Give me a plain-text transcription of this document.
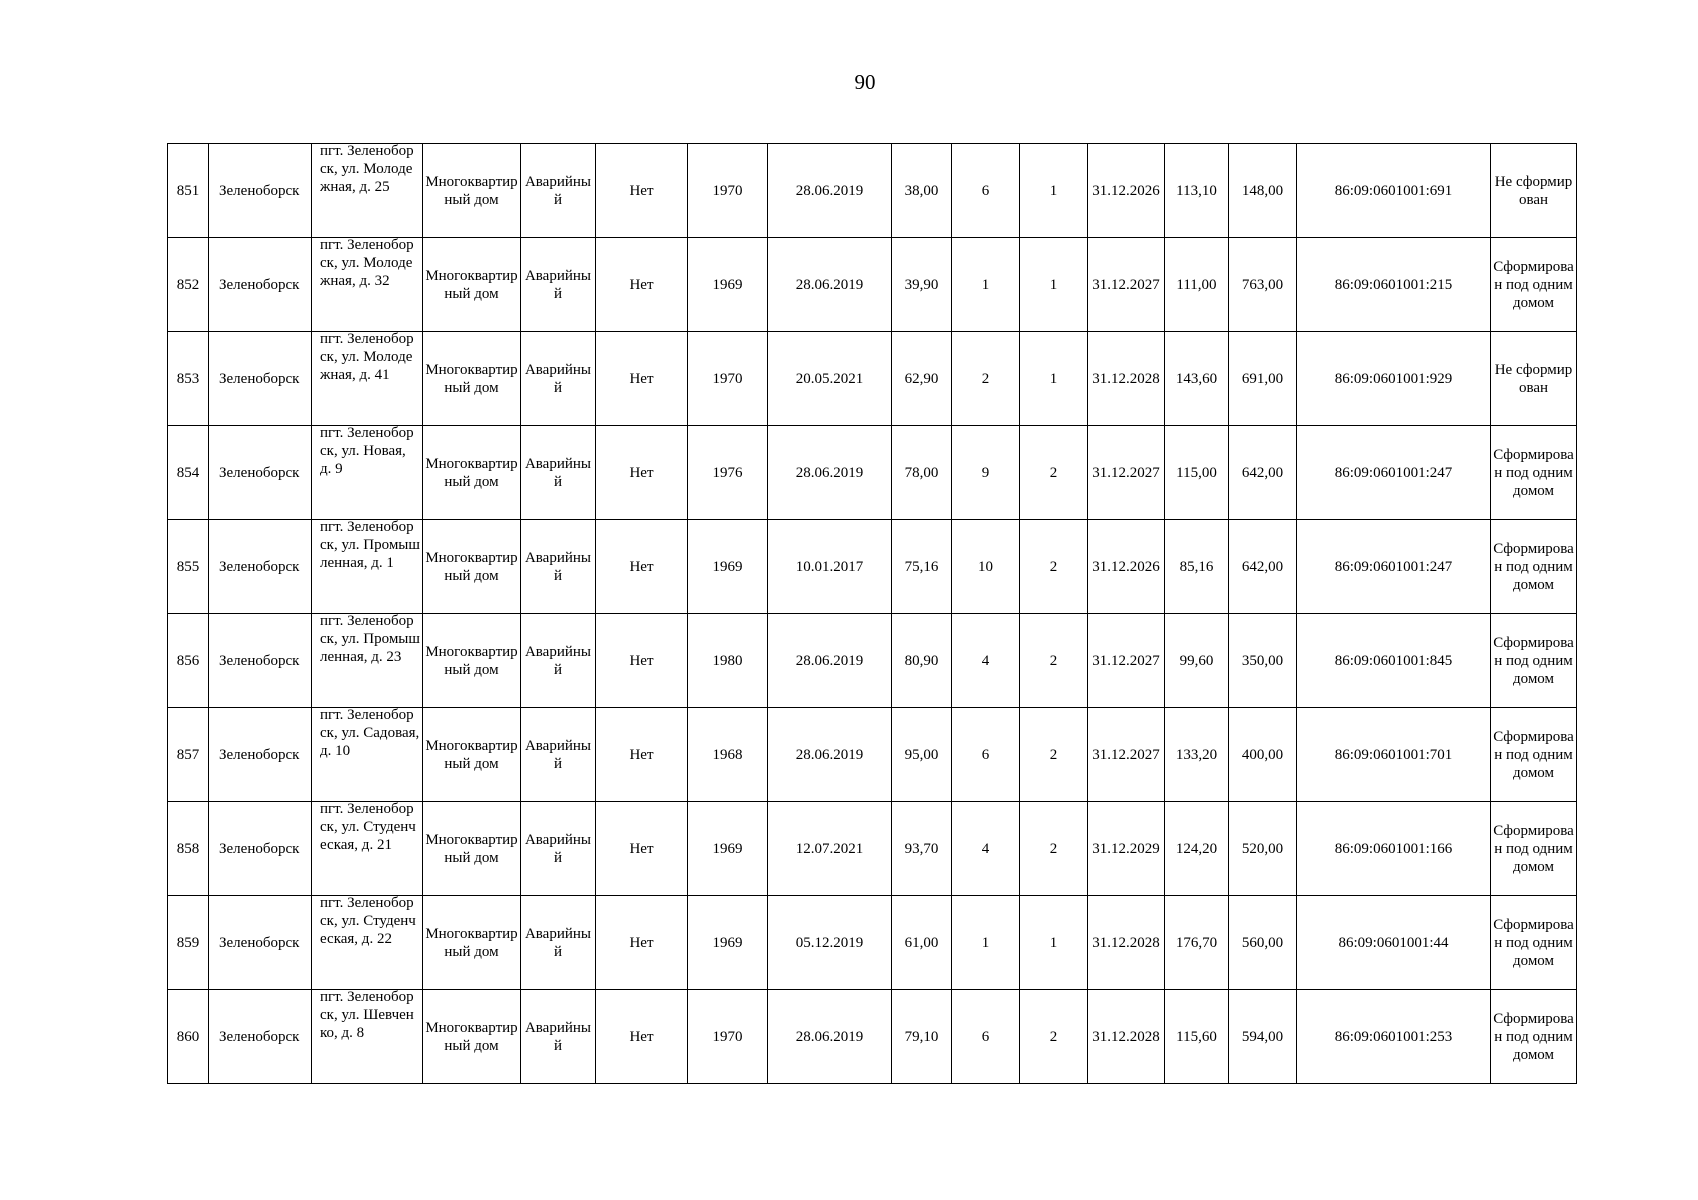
90
851	Зеленоборск	пгт. Зеленоборск, ул. Молодежная, д. 25	Многоквартирный дом	Аварийный	Нет	1970	28.06.2019	38,00	6	1	31.12.2026	113,10	148,00	86:09:0601001:691	Не сформирован

852	Зеленоборск	пгт. Зеленоборск, ул. Молодежная, д. 32	Многоквартирный дом	Аварийный	Нет	1969	28.06.2019	39,90	1	1	31.12.2027	111,00	763,00	86:09:0601001:215	Сформирован под одним домом

853	Зеленоборск	пгт. Зеленоборск, ул. Молодежная, д. 41	Многоквартирный дом	Аварийный	Нет	1970	20.05.2021	62,90	2	1	31.12.2028	143,60	691,00	86:09:0601001:929	Не сформирован

854	Зеленоборск	пгт. Зеленоборск, ул. Новая, д. 9	Многоквартирный дом	Аварийный	Нет	1976	28.06.2019	78,00	9	2	31.12.2027	115,00	642,00	86:09:0601001:247	Сформирован под одним домом

855	Зеленоборск	пгт. Зеленоборск, ул. Промышленная, д. 1	Многоквартирный дом	Аварийный	Нет	1969	10.01.2017	75,16	10	2	31.12.2026	85,16	642,00	86:09:0601001:247	Сформирован под одним домом

856	Зеленоборск	пгт. Зеленоборск, ул. Промышленная, д. 23	Многоквартирный дом	Аварийный	Нет	1980	28.06.2019	80,90	4	2	31.12.2027	99,60	350,00	86:09:0601001:845	Сформирован под одним домом

857	Зеленоборск	пгт. Зеленоборск, ул. Садовая, д. 10	Многоквартирный дом	Аварийный	Нет	1968	28.06.2019	95,00	6	2	31.12.2027	133,20	400,00	86:09:0601001:701	Сформирован под одним домом

858	Зеленоборск	пгт. Зеленоборск, ул. Студенческая, д. 21	Многоквартирный дом	Аварийный	Нет	1969	12.07.2021	93,70	4	2	31.12.2029	124,20	520,00	86:09:0601001:166	Сформирован под одним домом

859	Зеленоборск	пгт. Зеленоборск, ул. Студенческая, д. 22	Многоквартирный дом	Аварийный	Нет	1969	05.12.2019	61,00	1	1	31.12.2028	176,70	560,00	86:09:0601001:44	Сформирован под одним домом

860	Зеленоборск	пгт. Зеленоборск, ул. Шевченко, д. 8	Многоквартирный дом	Аварийный	Нет	1970	28.06.2019	79,10	6	2	31.12.2028	115,60	594,00	86:09:0601001:253	Сформирован под одним домом
